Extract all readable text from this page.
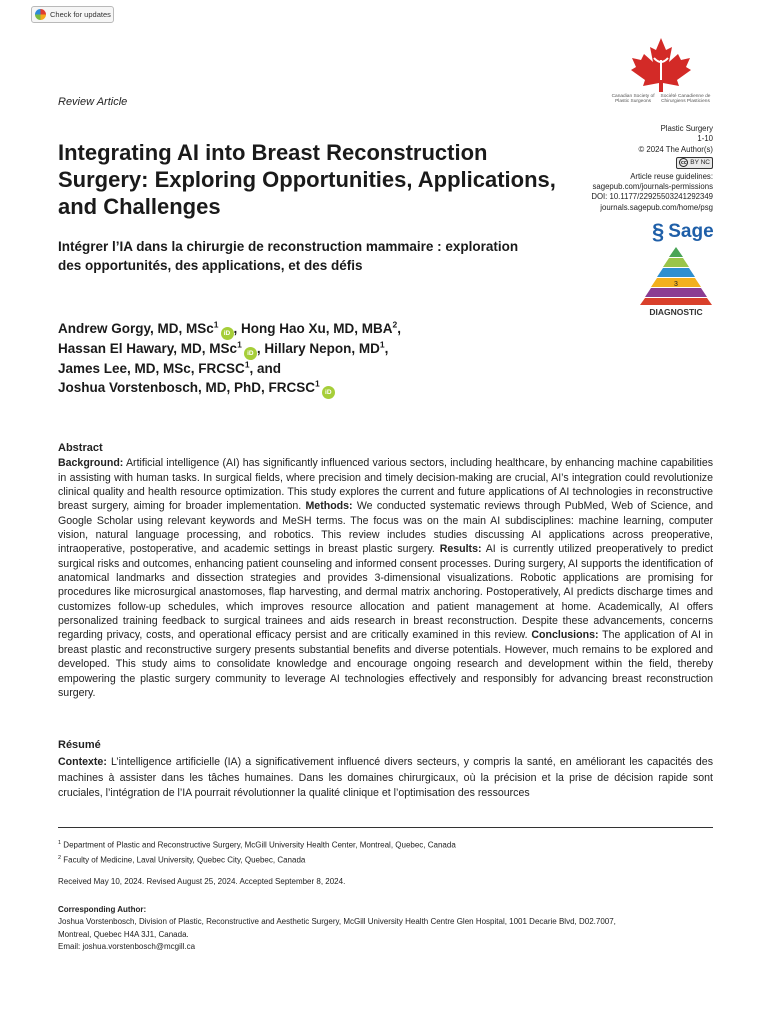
Check for updates
Review Article	Canadian Society of
Plastic Surgeons
Société Canadienne de
Chirurgiens Plasticiens
Plastic Surgery
1-10
© 2024 The Author(s)
cc BY NC
Article reuse guidelines:
sagepub.com/journals-permissions
DOI: 10.1177/22925503241292349
journals.sagepub.com/home/psg
§ Sage
3
DIAGNOSTIC
Integrating AI into Breast Reconstruction Surgery: Exploring Opportunities, Applications, and Challenges
Intégrer l’IA dans la chirurgie de reconstruction mammaire : exploration des opportunités, des applications, et des défis
Andrew Gorgy, MD, MSc$^1$iD , Hong Hao Xu, MD, MBA$^2$,
Hassan El Hawary, MD, MSc$^1$iD , Hillary Nepon, $MD^1$,
James Lee, MD, MSc, FRCSC$^1$, and
Joshua Vorstenbosch, MD, PhD, FRCSC$^1$iD
Abstract

Background: Artificial intelligence (AI) has significantly influenced various sectors, including healthcare, by enhancing machine capabilities in assisting with human tasks. In surgical fields, where precision and timely decision-making are crucial, AI’s integration could revolutionize clinical quality and health resource optimization. This study explores the current and future applications of AI technologies in reconstructive breast surgery, aiming for broader implementation. Methods: We conducted systematic reviews through PubMed, Web of Science, and Google Scholar using relevant keywords and MeSH terms. The focus was on the main AI subdisciplines: machine learning, computer vision, natural language processing, and robotics. This review includes studies discussing AI applications across preoperative, intraoperative, postoperative, and academic settings in breast plastic surgery. Results: AI is currently utilized preoperatively to predict surgical risks and outcomes, enhancing patient counseling and informed consent processes. During surgery, AI supports the identification of anatomical landmarks and dissection strategies and provides 3-dimensional visualizations. Robotic applications are promising for procedures like microsurgical anastomoses, flap harvesting, and dermal matrix anchoring. Postoperatively, AI predicts discharge times and customizes follow-up schedules, which improves resource allocation and patient management at home. Academically, AI offers personalized training feedback to surgical trainees and aids research in breast reconstruction. Despite these advancements, concerns regarding privacy, costs, and operational efficacy persist and are critically examined in this review. Conclusions: The application of AI in breast plastic and reconstructive surgery presents substantial benefits and diverse potentials. However, much remains to be explored and developed. This study aims to consolidate knowledge and encourage ongoing research and development within the field, thereby empowering the plastic surgery community to leverage AI technologies effectively and responsibly for advancing breast reconstruction surgery.

Résumé

Contexte: L’intelligence artificielle (IA) a significativement influencé divers secteurs, y compris la santé, en améliorant les capacités des machines à assister dans les tâches humaines. Dans les domaines chirurgicaux, où la précision et la prise de décision rapide sont cruciales, l’intégration de l’IA pourrait révolutionner la qualité clinique et l’optimisation des ressources

$^1$ Department of Plastic and Reconstructive Surgery, McGill University Health Center, Montreal, Quebec, Canada
$^2$ Faculty of Medicine, Laval University, Quebec City, Quebec, Canada
Received May 10, 2024. Revised August 25, 2024. Accepted September 8, 2024.
Corresponding Author:
Joshua Vorstenbosch, Division of Plastic, Reconstructive and Aesthetic Surgery, McGill University Health Centre Glen Hospital, 1001 Decarie Blvd, D02.7007,
Montreal, Quebec H4A 3J1, Canada.
Email: joshua.vorstenbosch@mcgill.ca
